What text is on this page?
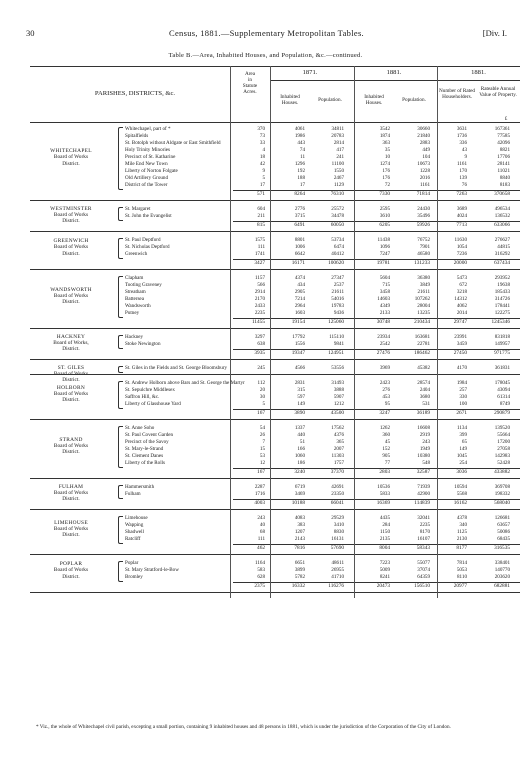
30	Census, 1881.—Supplementary Metropolitan Tables.	[Div. I.
Table B.—Area, Inhabited Houses, and Population, &c.—continued.
PARISHES, DISTRICTS, &c.
Area
in
Statute
Acres.
1871.	1881.	1881.
Inhabited Houses.	Population.	Inhabited Houses.	Population.
Number of Rated Householders.
Rateable Annual Value of Property.
£
Whitechapel, part of *	370	4061	34811	3542	30660	3631	167361
Spitalfields	73	1986	20783	1874	21840	1736	77585
St. Botolph without Aldgate or East Smithfield	33	443	2814	363	2883	336	42096
Holy Trinity Minories	4	74	417	35	449	43	8821
Precinct of St. Katharine	18	11	241	10	104	9	17706
Mile End New Town	42	1296	11100	1274	10673	1161	28141
Liberty of Norton Folgate	9	192	1550	176	1228	170	11021
Old Artillery Ground	5	188	2467	176	2016	139	8840
District of the Tower	17	17	1129	72	1161	76	8183
WHITECHAPEL
Board of Works
District.
571	8264	76310	7330	71814	7263	370658
St. Margaret	604	2776	25572	2595	24430	3689	496534
St. John the Evangelist	211	3715	34478	3610	35496	4024	136532
WESTMINSTER
Board of Works
District.
815	6491	60050	6205	59926	7713	633066
St. Paul Deptford	1575	8801	53734	11438	76752	11630	276627
St. Nicholas Deptford	111	1006	6474	1096	7901	1054	44815
Greenwich	1741	6642	40412	7247	46580	7236	316292
GREENWICH
Board of Works
District.
3427	16171	100620	19781	131233	20000	637434
Clapham	1157	4374	27347	5604	36380	5473	293952
Tooting Graveney	566	434	2537	715	3849	672	19638
Streatham	2914	2905	21611	3458	21611	3218	185433
Battersea	2170	7214	54016	14603	107262	14312	314726
Wandsworth	2433	2964	19783	4349	28004	4062	178441
Putney	2235	1603	9436	2133	13235	2014	122275
WANDSWORTH
Board of Works
District.
11455	19154	125060	30748	210434	29747	1245346
Hackney	3297	17792	115110	23934	163681	23991	831818
Stoke Newington	638	1556	9841	2542	22781	3459	149957
HACKNEY
Board of Works,
District.
3935	19347	124951	27476	186462	27450	971775
St. Giles in the Fields and St. George Bloomsbury	245	4566	53556	3969	45382	4170	361831
ST. GILES
Board of Works
District.	St. Andrew Holborn above Bars and St. George the Martyr	112	2831	31493	2423	28574	1984	178045
St. Sepulchre Middlesex	20	315	3888	276	2404	257	43094
Saffron Hill, &c.	30	597	5907	453	3680	330	61314
Liberty of Glasshouse Yard	5	149	1212	95	531	100	8749
HOLBORN
Board of Works
District.
167	3890	43500	3247	36189	2671	290879
St. Anne Soho	54	1337	17562	1262	16608	1134	139520
St. Paul Covent Garden	26	440	4376	360	2919	399	55664
Precinct of the Savoy	7	51	365	45	243	65	17200
St. Mary-le-Strand	15	166	2007	152	1949	149	27058
St. Clement Danes	53	1060	11303	905	10380	1045	142983
Liberty of the Rolls	12	186	1757	77	548	254	52428
STRAND
Board of Works
District.
167	3240	37370	2803	32587	3036	433882
Hammersmith	2287	6719	42691	10536	71939	10594	369708
Fulham	1716	3469	23350	5833	42900	5568	198332
FULHAM
Board of Works
District.
4003	10188	66041	16369	114839	16162	568040
Limehouse	243	4083	29529	4435	32041	4378	126681
Wapping	40	383	3410	284	2235	340	63657
Shadwell	68	1207	8830	1150	8170	1125	50086
Ratcliff	111	2143	16131	2135	16107	2130	68435
LIMEHOUSE
Board of Works
District.
462	7816	57690	8004	58343	8177	316535
Poplar	1164	6651	48611	7223	55077	7814	338401
St. Mary Stratford-le-Bow	583	3899	26955	5009	37074	5053	140770
Bromley	628	5782	41710	8241	64359	8110	203620
POPLAR
Board of Works
District.
2375	16332	116276	20473	156510	20977	682881
* Viz., the whole of Whitechapel civil parish, excepting a small portion, containing 9 inhabited houses and 48 persons in 1881, which is under the jurisdiction of the Corporation of the City of London.
